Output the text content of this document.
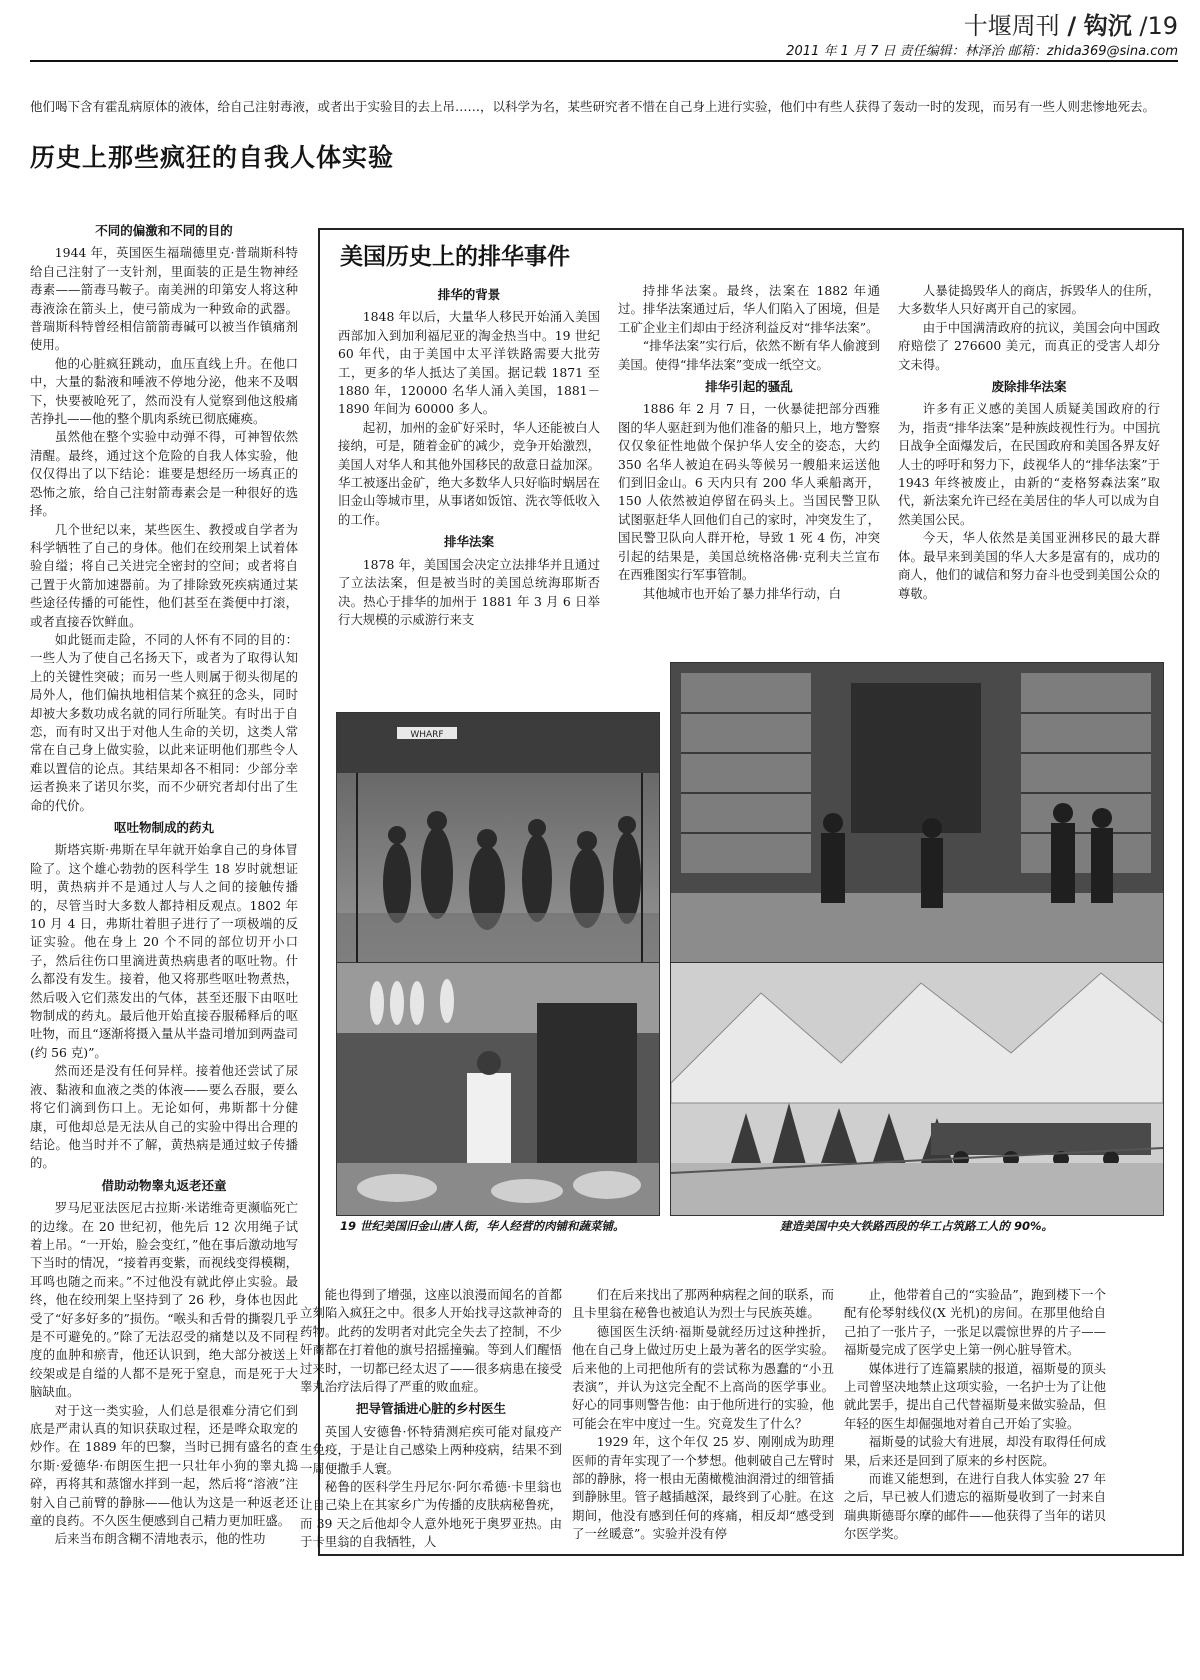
十堰周刊 / 钩沉 /19
2011 年 1 月 7 日 责任编辑：林泽治 邮箱：zhida369@sina.com
他们喝下含有霍乱病原体的液体，给自己注射毒液，或者出于实验目的去上吊……，以科学为名，某些研究者不惜在自己身上进行实验，他们中有些人获得了轰动一时的发现，而另有一些人则悲惨地死去。
历史上那些疯狂的自我人体实验
不同的偏激和不同的目的

1944 年，英国医生福瑞德里克·普瑞斯科特给自己注射了一支针剂，里面装的正是生物神经毒素——箭毒马鞍子。南美洲的印第安人将这种毒液涂在箭头上，使弓箭成为一种致命的武器。普瑞斯科特曾经相信箭箭毒碱可以被当作镇痛剂使用。

他的心脏疯狂跳动，血压直线上升。在他口中，大量的黏液和唾液不停地分泌，他来不及咽下，快要被呛死了，然而没有人觉察到他这般痛苦挣扎——他的整个肌肉系统已彻底瘫痪。

虽然他在整个实验中动弹不得，可神智依然清醒。最终，通过这个危险的自我人体实验，他仅仅得出了以下结论：谁要是想经历一场真正的恐怖之旅，给自己注射箭毒素会是一种很好的选择。

几个世纪以来，某些医生、教授或自学者为科学牺牲了自己的身体。他们在绞刑架上试着体验自缢；将自己关进完全密封的空间；或者将自己置于火箭加速器前。为了排除致死疾病通过某些途径传播的可能性，他们甚至在粪便中打滚，或者直接吞饮鲜血。

如此铤而走险，不同的人怀有不同的目的：一些人为了使自己名扬天下，或者为了取得认知上的关键性突破；而另一些人则属于彻头彻尾的局外人，他们偏执地相信某个疯狂的念头，同时却被大多数功成名就的同行所耻笑。有时出于自恋，而有时又出于对他人生命的关切，这类人常常在自己身上做实验，以此来证明他们那些令人难以置信的论点。其结果却各不相同：少部分幸运者换来了诺贝尔奖，而不少研究者却付出了生命的代价。

呕吐物制成的药丸

斯塔宾斯·弗斯在早年就开始拿自己的身体冒险了。这个雄心勃勃的医科学生 18 岁时就想证明，黄热病并不是通过人与人之间的接触传播的，尽管当时大多数人都持相反观点。1802 年 10 月 4 日，弗斯壮着胆子进行了一项极端的反证实验。他在身上 20 个不同的部位切开小口子，然后往伤口里滴进黄热病患者的呕吐物。什么都没有发生。接着，他又将那些呕吐物煮热，然后吸入它们蒸发出的气体，甚至还服下由呕吐物制成的药丸。最后他开始直接吞服稀释后的呕吐物，而且“逐渐将摄入量从半盎司增加到两盎司(约 56 克)”。

然而还是没有任何异样。接着他还尝试了尿液、黏液和血液之类的体液——要么吞服，要么将它们滴到伤口上。无论如何，弗斯都十分健康，可他却总是无法从自己的实验中得出合理的结论。他当时并不了解，黄热病是通过蚊子传播的。

借助动物睾丸返老还童

罗马尼亚法医尼古拉斯·米诺维奇更濒临死亡的边缘。在 20 世纪初，他先后 12 次用绳子试着上吊。“一开始，脸会变红，”他在事后激动地写下当时的情况，“接着再变紫，而视线变得模糊，耳鸣也随之而来。”不过他没有就此停止实验。最终，他在绞刑架上坚持到了 26 秒，身体也因此受了“好多好多的”损伤。“喉头和舌骨的撕裂几乎是不可避免的。”除了无法忍受的痛楚以及不同程度的血肿和瘀青，他还认识到，绝大部分被送上绞架或是自缢的人都不是死于窒息，而是死于大脑缺血。

对于这一类实验，人们总是很难分清它们到底是严肃认真的知识获取过程，还是哗众取宠的炒作。在 1889 年的巴黎，当时已拥有盛名的查尔斯·爱德华·布朗医生把一只壮年小狗的睾丸捣碎，再将其和蒸馏水拌到一起，然后将“溶液”注射入自己前臂的静脉——他认为这是一种返老还童的良药。不久医生便感到自己精力更加旺盛。

后来当布朗含糊不清地表示，他的性功

美国历史上的排华事件
排华的背景

1848 年以后，大量华人移民开始涌入美国西部加入到加利福尼亚的淘金热当中。19 世纪 60 年代，由于美国中太平洋铁路需要大批劳工，更多的华人抵达了美国。据记载 1871 至 1880 年，120000 名华人涌入美国，1881－1890 年间为 60000 多人。

起初，加州的金矿好采时，华人还能被白人接纳，可是，随着金矿的减少，竞争开始激烈，美国人对华人和其他外国移民的敌意日益加深。华工被逐出金矿，绝大多数华人只好临时蜗居在旧金山等城市里，从事诸如饭馆、洗衣等低收入的工作。

排华法案

1878 年，美国国会决定立法排华并且通过了立法法案，但是被当时的美国总统海耶斯否决。热心于排华的加州于 1881 年 3 月 6 日举行大规模的示威游行来支

持排华法案。最终，法案在 1882 年通过。排华法案通过后，华人们陷入了困境，但是工矿企业主们却由于经济利益反对“排华法案”。

“排华法案”实行后，依然不断有华人偷渡到美国。使得“排华法案”变成一纸空文。

排华引起的骚乱

1886 年 2 月 7 日，一伙暴徒把部分西雅图的华人驱赶到为他们准备的船只上，地方警察仅仅象征性地做个保护华人安全的姿态，大约 350 名华人被迫在码头等候另一艘船来运送他们到旧金山。6 天内只有 200 华人乘船离开，150 人依然被迫停留在码头上。当国民警卫队试图驱赶华人回他们自己的家时，冲突发生了，国民警卫队向人群开枪，导致 1 死 4 伤，冲突引起的结果是，美国总统格洛佛·克利夫兰宣布在西雅图实行军事管制。

其他城市也开始了暴力排华行动，白

人暴徒捣毁华人的商店，拆毁华人的住所，大多数华人只好离开自己的家园。

由于中国满清政府的抗议，美国会向中国政府赔偿了 276600 美元，而真正的受害人却分文未得。

废除排华法案

许多有正义感的美国人质疑美国政府的行为，指责“排华法案”是种族歧视性行为。中国抗日战争全面爆发后，在民国政府和美国各界友好人士的呼吁和努力下，歧视华人的“排华法案”于 1943 年终被废止，由新的“麦格努森法案”取代，新法案允许已经在美居住的华人可以成为自然美国公民。

今天，华人依然是美国亚洲移民的最大群体。最早来到美国的华人大多是富有的，成功的商人，他们的诚信和努力奋斗也受到美国公众的尊敬。

WHARF
19 世纪美国旧金山唐人街，华人经营的肉铺和蔬菜铺。	建造美国中央大铁路西段的华工占筑路工人的 90%。

能也得到了增强，这座以浪漫而闻名的首都立刻陷入疯狂之中。很多人开始找寻这款神奇的药物。此药的发明者对此完全失去了控制，不少奸商都在打着他的旗号招摇撞骗。等到人们醒悟过来时，一切都已经太迟了——很多病患在接受睾丸治疗法后得了严重的败血症。

把导管插进心脏的乡村医生

英国人安德鲁·怀特猜测疟疾可能对鼠疫产生免疫，于是让自己感染上两种疫病，结果不到一周便撒手人寰。

秘鲁的医科学生丹尼尔·阿尔希德·卡里翁也让自己染上在其家乡广为传播的皮肤病秘鲁疣，而 39 天之后他却令人意外地死于奥罗亚热。由于卡里翁的自我牺牲，人

们在后来找出了那两种病程之间的联系，而且卡里翁在秘鲁也被追认为烈士与民族英雄。

德国医生沃纳·福斯曼就经历过这种挫折，他在自己身上做过历史上最为著名的医学实验。后来他的上司把他所有的尝试称为愚蠢的“小丑表演”，并认为这完全配不上高尚的医学事业。好心的同事则警告他：由于他所进行的实验，他可能会在牢中度过一生。究竟发生了什么？

1929 年，这个年仅 25 岁、刚刚成为助理医师的青年实现了一个梦想。他刺破自己左臂时部的静脉，将一根由无菌橄榄油润滑过的细管插到静脉里。管子越插越深，最终到了心脏。在这期间，他没有感到任何的疼痛，相反却“感受到了一丝暖意”。实验并没有停

止，他带着自己的“实验品”，跑到楼下一个配有伦琴射线仪(X 光机)的房间。在那里他给自己拍了一张片子，一张足以震惊世界的片子——福斯曼完成了医学史上第一例心脏导管术。

媒体进行了连篇累牍的报道，福斯曼的顶头上司曾坚决地禁止这项实验，一名护士为了让他就此罢手，提出自己代替福斯曼来做实验品，但年轻的医生却倔强地对着自己开始了实验。

福斯曼的试验大有进展，却没有取得任何成果，后来还是回到了原来的乡村医院。

而谁又能想到，在进行自我人体实验 27 年之后，早已被人们遗忘的福斯曼收到了一封来自瑞典斯德哥尔摩的邮件——他获得了当年的诺贝尔医学奖。
